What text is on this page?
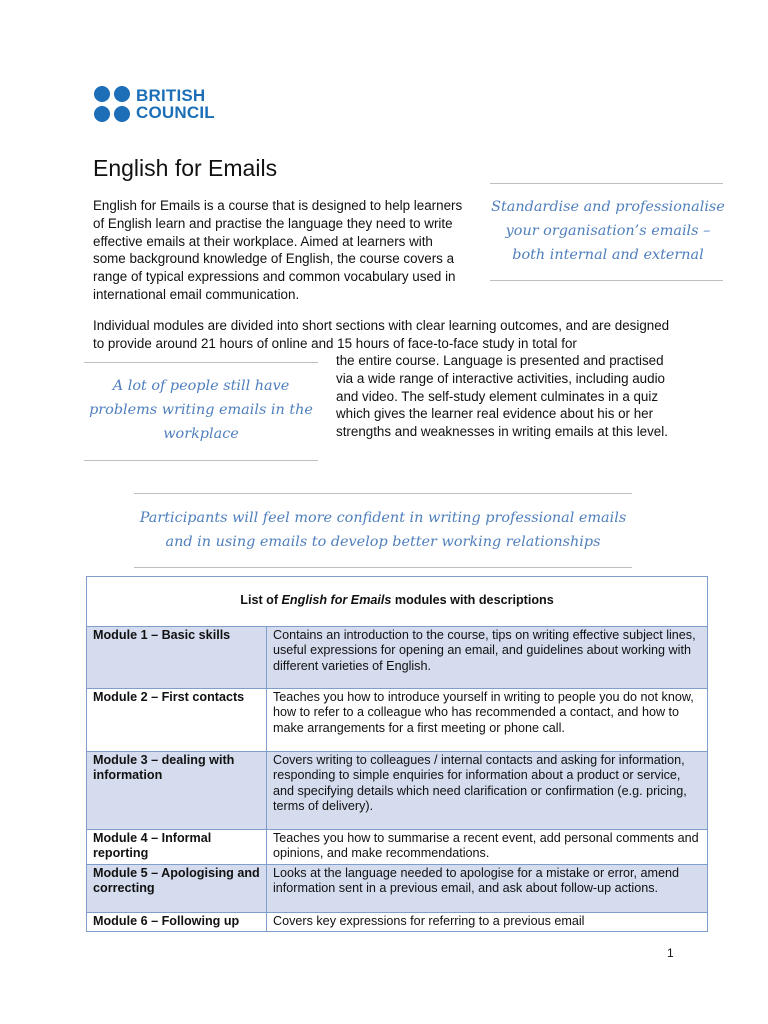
BRITISH
COUNCIL
English for Emails

English for Emails is a course that is designed to help learners of English learn and practise the language they need to write effective emails at their workplace. Aimed at learners with some background knowledge of English, the course covers a range of typical expressions and common vocabulary used in international email communication.

Standardise and professionalise your organisation’s emails – both internal and external

Individual modules are divided into short sections with clear learning outcomes, and are designed to provide around 21 hours of online and 15 hours of face-to-face study in total for

the entire course. Language is presented and practised via a wide range of interactive activities, including audio and video. The self-study element culminates in a quiz which gives the learner real evidence about his or her strengths and weaknesses in writing emails at this level.

A lot of people still have problems writing emails in the workplace
Participants will feel more confident in writing professional emails and in using emails to develop better working relationships
List of English for Emails modules with descriptions	
Module 1 – Basic skills	Contains an introduction to the course, tips on writing effective subject lines, useful expressions for opening an email, and guidelines about working with different varieties of English.
Module 2 – First contacts	Teaches you how to introduce yourself in writing to people you do not know, how to refer to a colleague who has recommended a contact, and how to make arrangements for a first meeting or phone call.
Module 3 – dealing with information	Covers writing to colleagues / internal contacts and asking for information, responding to simple enquiries for information about a product or service, and specifying details which need clarification or confirmation (e.g. pricing, terms of delivery).
Module 4 – Informal reporting	Teaches you how to summarise a recent event, add personal comments and opinions, and make recommendations.
Module 5 – Apologising and correcting	Looks at the language needed to apologise for a mistake or error, amend information sent in a previous email, and ask about follow-up actions.
Module 6 – Following up	Covers key expressions for referring to a previous email
1
